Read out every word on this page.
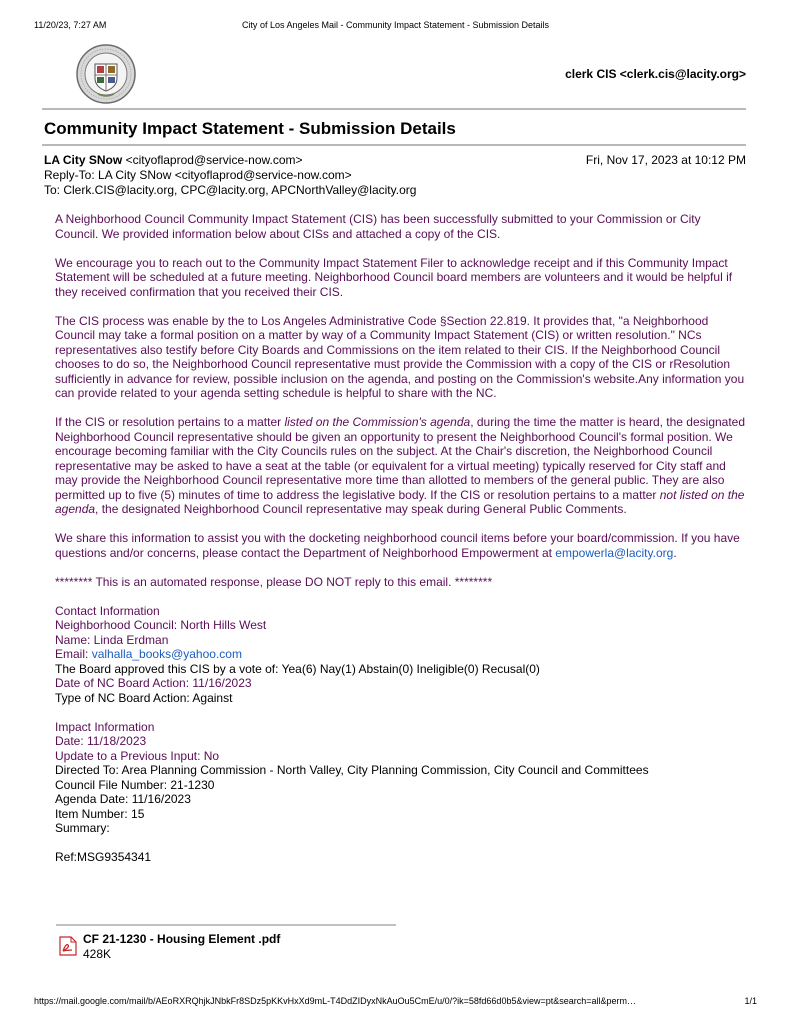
11/20/23, 7:27 AM	City of Los Angeles Mail - Community Impact Statement - Submission Details
clerk CIS <clerk.cis@lacity.org>
Community Impact Statement - Submission Details
LA City SNow <cityoflaprod@service-now.com>	Fri, Nov 17, 2023 at 10:12 PM
Reply-To: LA City SNow <cityoflaprod@service-now.com>
To: Clerk.CIS@lacity.org, CPC@lacity.org, APCNorthValley@lacity.org

A Neighborhood Council Community Impact Statement (CIS) has been successfully submitted to your Commission or City Council. We provided information below about CISs and attached a copy of the CIS.

We encourage you to reach out to the Community Impact Statement Filer to acknowledge receipt and if this Community Impact Statement will be scheduled at a future meeting. Neighborhood Council board members are volunteers and it would be helpful if they received confirmation that you received their CIS.

The CIS process was enable by the to Los Angeles Administrative Code §Section 22.819. It provides that, "a Neighborhood Council may take a formal position on a matter by way of a Community Impact Statement (CIS) or written resolution." NCs representatives also testify before City Boards and Commissions on the item related to their CIS. If the Neighborhood Council chooses to do so, the Neighborhood Council representative must provide the Commission with a copy of the CIS or rResolution sufficiently in advance for review, possible inclusion on the agenda, and posting on the Commission's website.Any information you can provide related to your agenda setting schedule is helpful to share with the NC.

If the CIS or resolution pertains to a matter listed on the Commission's agenda, during the time the matter is heard, the designated Neighborhood Council representative should be given an opportunity to present the Neighborhood Council's formal position. We encourage becoming familiar with the City Councils rules on the subject. At the Chair's discretion, the Neighborhood Council representative may be asked to have a seat at the table (or equivalent for a virtual meeting) typically reserved for City staff and may provide the Neighborhood Council representative more time than allotted to members of the general public. They are also permitted up to five (5) minutes of time to address the legislative body. If the CIS or resolution pertains to a matter not listed on the agenda, the designated Neighborhood Council representative may speak during General Public Comments.

We share this information to assist you with the docketing neighborhood council items before your board/commission. If you have questions and/or concerns, please contact the Department of Neighborhood Empowerment at empowerla@lacity.org.

******** This is an automated response, please DO NOT reply to this email. ********

Contact Information
Neighborhood Council: North Hills West
Name: Linda Erdman
Email: valhalla_books@yahoo.com
The Board approved this CIS by a vote of: Yea(6) Nay(1) Abstain(0) Ineligible(0) Recusal(0)
Date of NC Board Action: 11/16/2023
Type of NC Board Action: Against
Impact Information
Date: 11/18/2023
Update to a Previous Input: No
Directed To: Area Planning Commission - North Valley, City Planning Commission, City Council and Committees
Council File Number: 21-1230
Agenda Date: 11/16/2023
Item Number: 15
Summary:
Ref:MSG9354341
CF 21-1230 - Housing Element .pdf
428K
https://mail.google.com/mail/b/AEoRXRQhjkJNbkFr8SDz5pKKvHxXd9mL-T4DdZIDyxNkAuOu5CmE/u/0/?ik=58fd66d0b5&view=pt&search=all&perm…	1/1
